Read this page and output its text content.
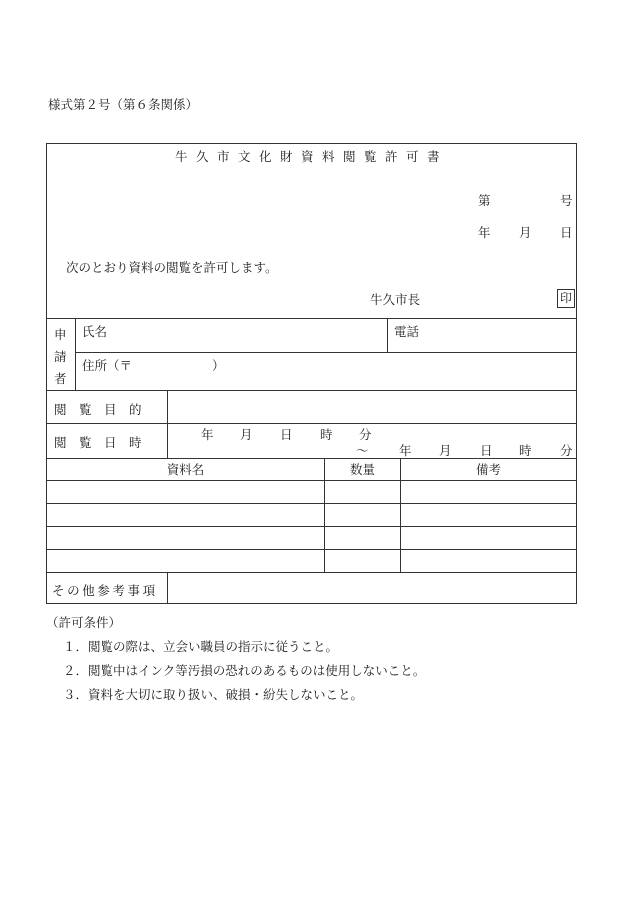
様式第２号（第６条関係）
牛久市文化財資料閲覧許可書
第	号
年 月 日
次のとおり資料の閲覧を許可します。
牛久市長	印
申
請
者
氏名	電話
住所（〒	）
閲　覧　目　的
閲　覧　日　時
年 月 日 時 分
〜 年 月 日 時 分
資料名	数量	備考
その他参考事項
（許可条件）
１．閲覧の際は、立会い職員の指示に従うこと。
２．閲覧中はインク等汚損の恐れのあるものは使用しないこと。
３．資料を大切に取り扱い、破損・紛失しないこと。
